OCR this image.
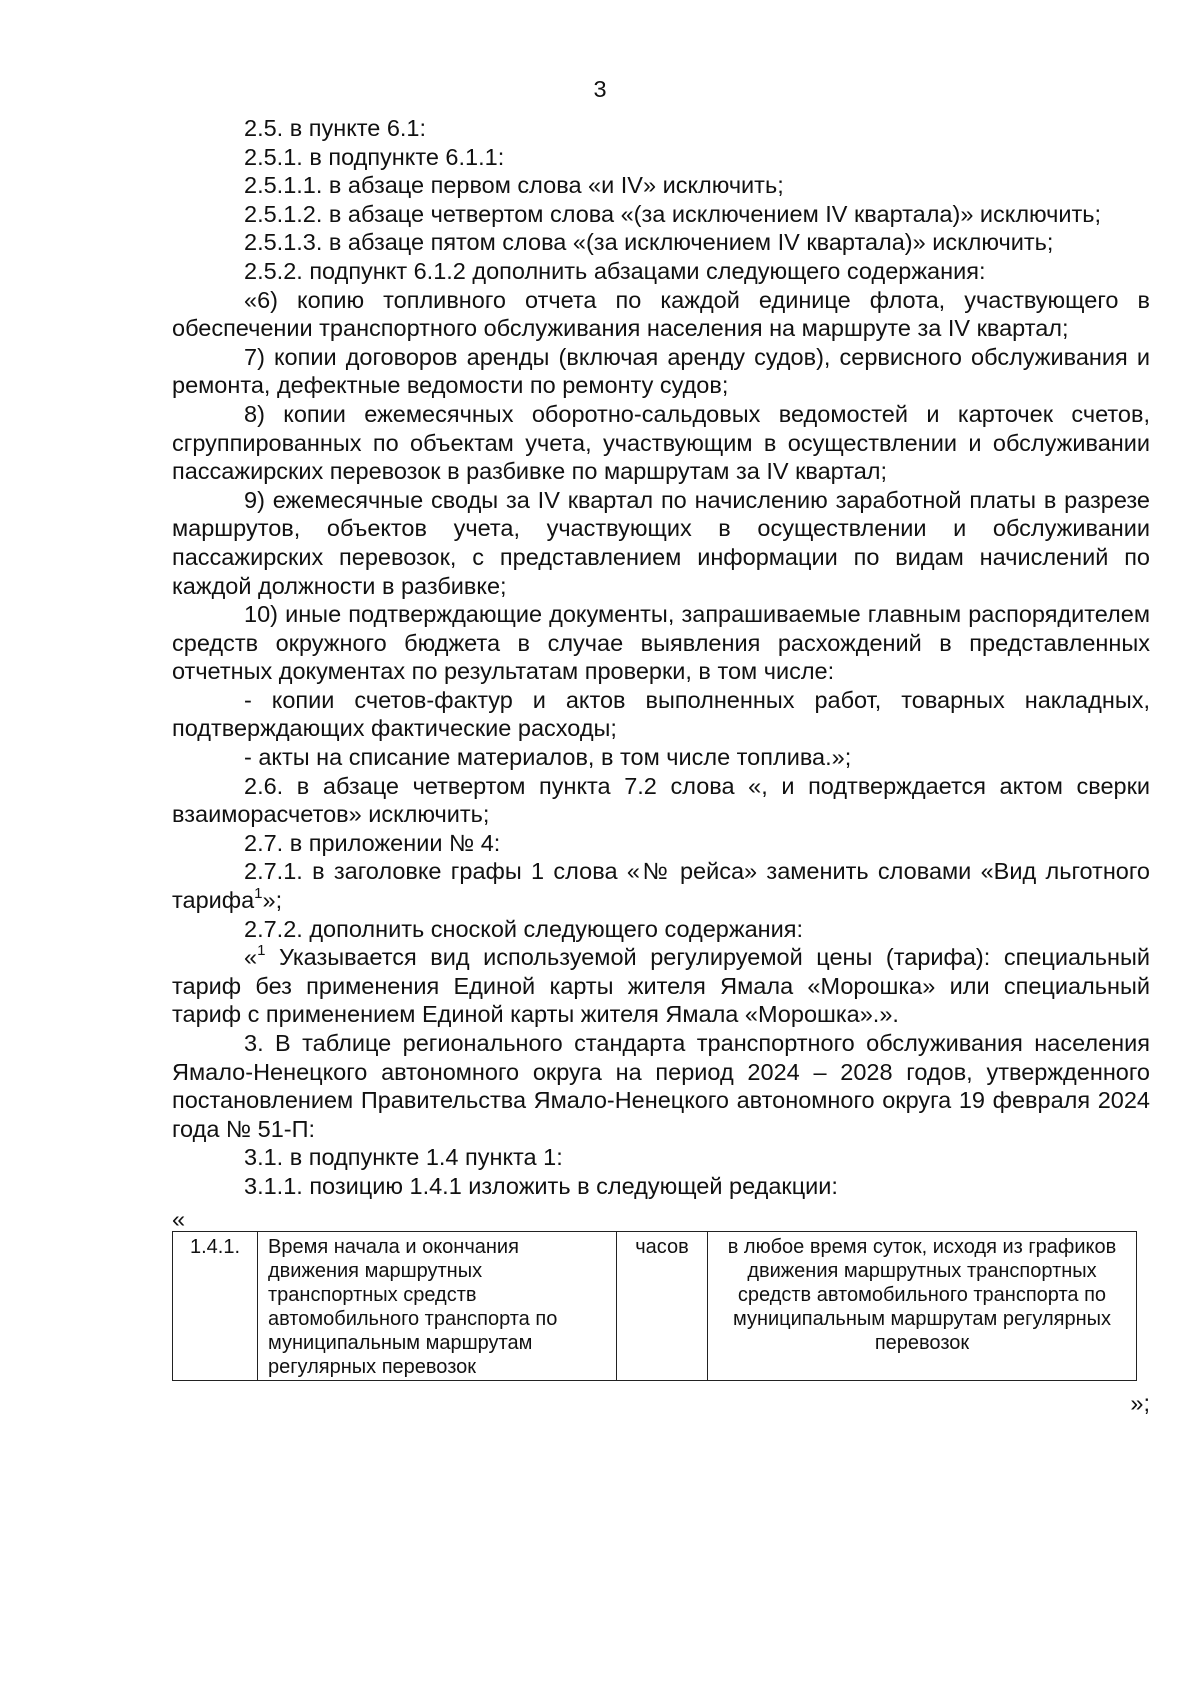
3

2.5. в пункте 6.1:

2.5.1. в подпункте 6.1.1:

2.5.1.1. в абзаце первом слова «и IV» исключить;

2.5.1.2. в абзаце четвертом слова «(за исключением IV квартала)» исключить;

2.5.1.3. в абзаце пятом слова «(за исключением IV квартала)» исключить;

2.5.2. подпункт 6.1.2 дополнить абзацами следующего содержания:

«6) копию топливного отчета по каждой единице флота, участвующего в обеспечении транспортного обслуживания населения на маршруте за IV квартал;

7) копии договоров аренды (включая аренду судов), сервисного обслуживания и ремонта, дефектные ведомости по ремонту судов;

8) копии ежемесячных оборотно-сальдовых ведомостей и карточек счетов, сгруппированных по объектам учета, участвующим в осуществлении и обслуживании пассажирских перевозок в разбивке по маршрутам за IV квартал;

9) ежемесячные своды за IV квартал по начислению заработной платы в разрезе маршрутов, объектов учета, участвующих в осуществлении и обслуживании пассажирских перевозок, с представлением информации по видам начислений по каждой должности в разбивке;

10) иные подтверждающие документы, запрашиваемые главным распорядителем средств окружного бюджета в случае выявления расхождений в представленных отчетных документах по результатам проверки, в том числе:

- копии счетов-фактур и актов выполненных работ, товарных накладных, подтверждающих фактические расходы;

- акты на списание материалов, в том числе топлива.»;

2.6. в абзаце четвертом пункта 7.2 слова «, и подтверждается актом сверки взаиморасчетов» исключить;

2.7. в приложении № 4:

2.7.1. в заголовке графы 1 слова «№ рейса» заменить словами «Вид льготного тарифа$^1$»;

2.7.2. дополнить сноской следующего содержания:

«$^1$ Указывается вид используемой регулируемой цены (тарифа): специальный тариф без применения Единой карты жителя Ямала «Морошка» или специальный тариф с применением Единой карты жителя Ямала «Морошка».».

3. В таблице регионального стандарта транспортного обслуживания населения Ямало-Ненецкого автономного округа на период 2024 – 2028 годов, утвержденного постановлением Правительства Ямало-Ненецкого автономного округа 19 февраля 2024 года № 51-П:

3.1. в подпункте 1.4 пункта 1:

3.1.1. позицию 1.4.1 изложить в следующей редакции:

«
1.4.1.	Время начала и окончания движения маршрутных транспортных средств автомобильного транспорта по муниципальным маршрутам регулярных перевозок	часов	в любое время суток, исходя из графиков движения маршрутных транспортных средств автомобильного транспорта по муниципальным маршрутам регулярных перевозок
»;
